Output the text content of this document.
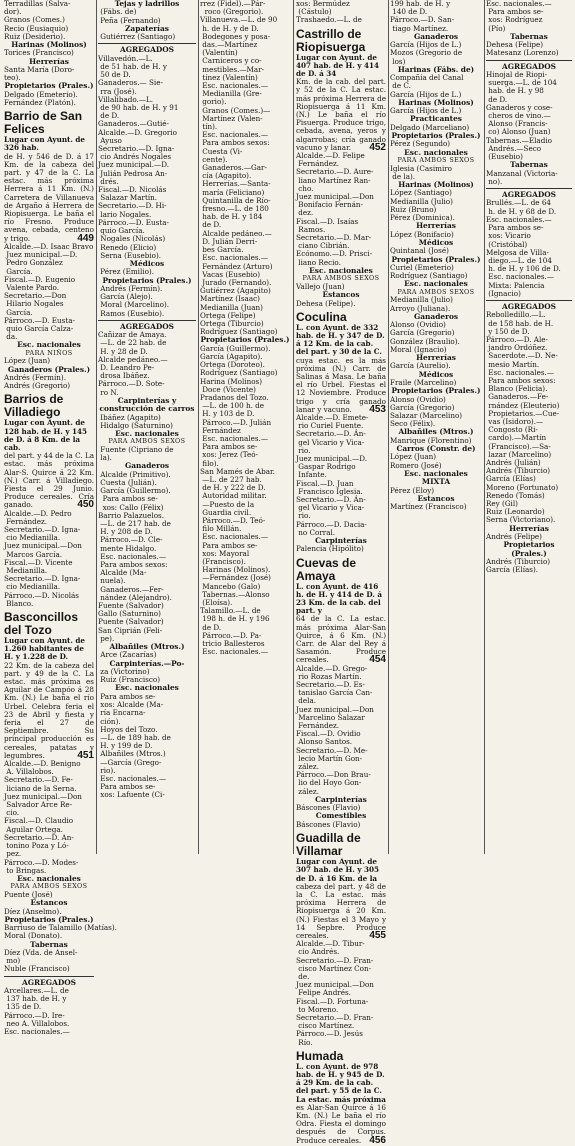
Terradillas (Salva-
dor).
Granos (Comes.)
Recio (Eusiaquio)
Ruiz (Desiderio).
Harinas (Molinos)
Torices (Francisco)
Herrerías
Santa María (Doro-
teo).
Propietarios (Prales.)
Delgado (Emeterio).
Fernández (Platón).
Barrio de San Felices
Lugar con Ayunt. de 326 hab.
de H. y 546 de D. á 17 Km. de la cabeza del part. y 47 de la C. La estac. más próxima Herrera á 11 Km. (N.) Carretera de Villanueva de Argaño á Herrera de Riopisuerga. Le baña el río Fresno. Produce avena, cebada, centeno y trigo.	449
Alcalde.—D. Isaac Bravo
Juez municipal.—D.
Pedro González
García.
Fiscal.—D. Eugenio
Valente Pardo.
Secretario.—Don
Hilario Nogales
García.
Párroco.—D. Eusta-
quio García Calza-
da.
Esc. nacionales
PARA NIÑOS
López (Juan)
Ganaderos (Prales.)
Andrés (Fermín).
Andrés (Gregorio)
Barrios de Villadiego
Lugar con Ayunt. de 128 hab. de H. y 145 de D. á 8 Km. de la cab.
del part. y 44 de la C. La estac. más próxima Alar-S. Quirce á 22 Km. (N.) Carr. á Villadiego. Fiesta el 29 Junio. Produce cereales. Cría ganado.	450
Alcalde.—D. Pedro
Fernández.
Secretario.—D. Igna-
cio Medianilla.
Juez municipal.—Don
Marcos García.
Fiscal.—D. Vicente
Medianilla.
Secretario.—D. Igna-
cio Medianilla.
Párroco.—D. Nicolás
Blanco.
Basconcillos del Tozo
Lugar con Ayunt. de 1.260 habitantes de H. y 1.228 de D.
22 Km. de la cabeza del part. y 49 de la C. La estac. más próxima es Aguilar de Campóo á 28 Km. (N.) Le baña el río Urbel. Celebra feria el 23 de Abril y fiesta y feria el 27 de Septiembre. Su principal producción es cereales, patatas y legumbres.	451
Alcalde.—D. Benigno
A. Villalobos.
Secretario.—D. Fe-
liciano de la Serna.
Juez municipal.—Don
Salvador Arce Re-
cio.
Fiscal.—D. Claudio
Aguilar Ortega.
Secretario.—D. An-
tonino Poza y Ló-
pez.
Párroco.—D. Modes-
to Bringas.
Esc. nacionales
PARA AMBOS SEXOS
Puente (José)
Estancos
Díez (Anselmo).
Propietarios (Prales.)
Barriuso de Talamillo (Matías).
Moral (Donato).
Tabernas
Díez (Vda. de Ansel-
mo)
Nuble (Francisco)
AGREGADOS
Arcellares.—L. de
137 hab. de H. y
135 de D.
Párroco.—D. Ire-
neo A. Villalobos.
Esc. nacionales.—
Tejas y ladrillos
(Fábs. de)
Peña (Fernando)
Zapaterías
Gutiérrez (Santiago)
AGREGADOS
Villavedón.—L.
de 51 hab. de H. y
50 de D.
Ganaderos.— Sie-
rra (José).
Villalibado.—L.
de 90 hab. de H. y 91
de D.
Ganaderos.—Gutié-
Alcalde.—D. Gregorio
Ayuso
Secretario.—D. Igna-
cio Andrés Nogales
Juez municipal.—D.
Julián Pedrosa An-
drés.
Fiscal.—D. Nicolás
Salazar Martín.
Secretario.—D. Hi-
lario Nogales.
Párroco.—D. Eusta-
quio García.
Nogales (Nicolás)
Renedo (Elicio)
Serna (Eusebio).
Médicos
Pérez (Emilio).
Propietarios (Prales.)
Andrés (Fermín).
García (Alejo).
Moral (Marcelino).
Ramos (Eusebio).
AGREGADOS
Cañizar de Amaya.
—L. de 22 hab. de
H. y 28 de D.
Alcalde pedáneo.—
D. Leandro Pe-
drosa Ibáñez.
Párroco.—D. Sote-
ro N.
Carpinterías y
construcción de carros
Ibáñez (Agapito)
Hidalgo (Saturnino)
Esc. nacionales
PARA AMBOS SEXOS
Fuente (Cipriano de
la).
Ganaderos
Alcalde (Primitivo).
Cuesta (Julián).
García (Guillermo).
Para ambos se-
xos: Callo (Félix)
Barrio Palazuelos.
—L. de 217 hab. de
H. y 208 de D.
Párroco.—D. Cle-
mente Hidalgo.
Esc. nacionales.—
Para ambos sexos:
Alcalde (Ma-
nuela).
Ganaderos.—Fer-
nández (Alejandro).
Fuente (Salvador)
Gallo (Saturnino)
Puente (Salvador)
San Ciprián (Feli-
pe).
Albañiles (Mtros.)
Arce (Zacarías)
Carpinterías.—Po-
za (Victorino)
Ruiz (Francisco)
Esc. nacionales
Para ambos se-
xos: Alcalde (Ma-
ría Encarna-
ción).
Hoyos del Tozo.
—L. de 189 hab. de
H. y 199 de D.
Albañiles (Mtros.)
—García (Grego-
rio).
Esc. nacionales.—
Para ambos se-
xos: Lafuente (Ci-
rrez (Fidel).—Pár-
roco (Gregorio).
Villanueva.—L. de 90
h. de H. y de D.
Bodegones y posa-
das.—Martínez
(Valentín)
Carniceros y co-
mestibles.—Mar-
tínez (Valentín)
Esc. nacionales.—
Medianilla (Gre-
gorio).
Granos (Comes.)—
Martínez (Valen-
tín).
Esc. nacionales.—
Para ambos sexos:
Cuesta (Vi-
cente).
Ganaderos.—Gar-
cía (Agapito).
Herrerías.—Santa-
maría (Feliciano)
Quintanilla de Río-
fresno.—L. de 180
hab. de H. y 184
de D.
Alcalde pedáneo.—
D. Julián Derri-
bes García.
Esc. nacionales.—
Fernández (Arturo)
Vacas (Eusebio)
Jurado (Fernando).
Gutiérrez (Agapito)
Martínez (Isaac)
Medianilla (Juan)
Ortega (Felipe)
Ortega (Tiburcio)
Rodríguez (Santiago)
Propietarios (Prales.)
García (Guillermo).
García (Agapito).
Ortega (Doroteo).
Rodríguez (Santiago)
Harina (Molinos)
Doce (Vicente)
Pradanos del Tozo.
—L. de 100 h. de
H. y 103 de D.
Párroco.—D. Julián
Fernández
Esc. nacionales.—
Para ambos se-
xos: Jerez (Teó-
filo).
San Mamés de Abar.
—L. de 227 hab.
de H. y 222 de D.
Autoridad militar.
—Puesto de la
Guardia civil.
Párroco.—D. Teó-
filo Millán.
Esc. nacionales.—
Para ambos se-
xos: Mayoral
(Francisco).
Harinas (Molinos).
—Fernández (José)
Mancebo (Galo)
Tabernas.—Alonso
(Eloísa).
Talamillo.—L. de
198 h. de H. y 196
de D.
Párroco.—D. Pa-
tricio Ballesteros
Esc. nacionales.—
xos: Bermúdez
(Cástulo)
Trashaedo.—L. de
Castrillo de Riopisuerga
Lugar con Ayunt. de 407 hab. de H. y 414 de D. á 34
Km. de la cab. del part. y 52 de la C. La estac. más próxima Herrera de Riopisuerga á 11 Km. (N.) Le baña el río Pisuerga. Produce trigo, cebada, avena, yeros y algarrobas; cría ganado vacuno y lanar. 452
Alcalde.—D. Felipe
Fernández.
Secretario.—D. Aure-
liano Martínez Ran-
cho.
Juez municipal.—Don
Bonifacio Fernán-
dez.
Fiscal.—D. Isaías
Ramos.
Secretario.—D. Mar-
ciano Cibrián.
Ecónomo.—D. Prisci-
liano Recio.
Esc. nacionales
PARA AMBOS SEXOS
Vallejo (Juan)
Estancos
Dehesa (Felipe).
Coculina
L. con Ayunt. de 332 hab. de H. y 347 de D. á 12 Km. de la cab. del part. y 30 de la C.
cuya estac. es la más próxima (N.) Carr. de Salinas á Masa. Le baña el río Urbel. Fiestas el 12 Noviembre. Produce trigo y cría ganado lanar y vacuno. 453
Alcalde.—D. Emete-
rio Curiel Fuente.
Secretario.—D. Án-
gel Vicario y Vica-
rio.
Juez municipal.—D.
Gaspar Rodrigo
Infante.
Fiscal.—D. Juan
Francisco Iglesia.
Secretario.—D. Án-
gel Vicario y Vica-
rio.
Párroco.—D. Dacia-
no Corral.
Carpinterías
Palencia (Hipólito)
Cuevas de Amaya
L. con Ayunt. de 416 h. de H. y 414 de D. á 23 Km. de la cab. del part. y
64 de la C. La estac. más próxima Alar-San Quirce, á 6 Km. (N.) Carr. de Alar del Rey á Sasamón. Produce cereales.	454
Alcalde.—D. Grego-
rio Rozas Martín.
Secretario.—D. Es-
tanislao García Can-
dela.
Juez municipal.—Don
Marcelino Salazar
Fernández.
Fiscal.—D. Ovidio
Alonso Santos.
Secretario.—D. Me-
lecio Martín Gon-
zález.
Párroco.—Don Brau-
lio del Hoyo Gon-
zález.
Carpinterías
Báscones (Flavio)
Comestibles
Báscones (Flavio)
Guadilla de Villamar
Lugar con Ayunt. de 307 hab. de H. y 305 de D. á 16 Km. de la
cabeza del part. y 48 de la C. La estac. más próxima Herrera de Riopisuerga á 20 Km. (N.) Fiestas el 3 Mayo y 14 Sepbre. Produce cereales.	455
Alcalde.—D. Tibur-
cio Andrés.
Secretario.—D. Fran-
cisco Martínez Con-
de.
Juez municipal.—Don
Felipe Andrés.
Fiscal.—D. Fortuna-
to Moreno.
Secretario.—D. Fran-
cisco Martínez.
Párroco.—D. Jesús
Río.
Humada
L. con Ayunt. de 978 hab. de H. y 945 de D. á 29 Km. de la cab. del part. y 55 de la C. La estac. más próxima
es Alar-San Quirce á 16 Km. (N.) Le baña el río Odra. Fiesta el domingo después de Corpus. Produce cereales. 456
199 hab. de H. y
140 de D.
Párroco.—D. San-
tiago Martínez.
Ganaderos
García (Hijos de L.)
Mozos (Gregorio de
los)
Harinas (Fábs. de)
Compañía del Canal
de C.
García (Hijos de L.)
Harinas (Molinos)
García (Hijos de L.)
Practicantes
Delgado (Marceliano)
Propietarios (Prales.)
Pérez (Segundo)
Esc. nacionales
PARA AMBOS SEXOS
Iglesia (Casimiro
de la).
Harinas (Molinos)
López (Santiago)
Medianilla (Julio)
Ruiz (Bruno)
Pérez (Dominica).
Herrerías
López (Bonifacio)
Médicos
Quintanal (José)
Propietarios (Prales.)
Curiel (Emeterio)
Rodríguez (Santiago)
Esc. nacionales
PARA AMBOS SEXOS
Medianilla (Julio)
Arroyo (Juliana).
Ganaderos
Alonso (Ovidio)
García (Gregorio)
González (Braulio).
Moral (Ignacio)
Herrerías
García (Aurelio).
Médicos
Fraile (Marcelino)
Propietarios (Prales.)
Alonso (Ovidio)
García (Gregorio)
Salazar (Marcelino)
Seco (Félix).
Albañiles (Mtros.)
Manrique (Florentino)
Carros (Constr. de)
López (Juan)
Romero (José)
Esc. nacionales
MIXTA
Pérez (Eloy)
Estancos
Martínez (Francisco)
Esc. nacionales.—
Para ambos se-
xos: Rodríguez
(Pío)
Tabernas
Dehesa (Felipe)
Matesanz (Lorenzo)
AGREGADOS
Hinojal de Riopi-
suerga.—L. de 104
hab. de H. y 98
de D.
Ganaderos y cose-
cheros de vino.—
Alonso (Francis-
co) Alonso (Juan)
Tabernas.—Eladio
Andrés.—Seco
(Eusebio)
Tabernas
Manzanal (Victoria-
no).
AGREGADOS
Brullés.—L. de 64
h. de H. y 68 de D.
Esc. nacionales.—
Para ambos se-
xos: Vicario
(Cristóbal)
Melgosa de Villa-
diego.—L. de 104
h. de H. y 106 de D.
Esc. nacionales.—
Mixta: Palencia
(Ignacio)
AGREGADOS
Rebolledillo.—L.
de 158 hab. de H.
y 150 de D.
Párroco.—D. Ale-
jandro Ordóñez.
Sacerdote.—D. Ne-
mesio Martín.
Esc. nacionales.—
Para ambos sexos:
Blanco (Felicia).
Ganaderos.—Fe-
rnández (Eleuterio)
Propietarios.—Cue-
vas (Isidoro).—
Congosto (Ri-
cardo).—Martín
(Francisco).—Sa-
lazar (Marcelino)
Andrés (Julián)
Andrés (Tiburcio)
García (Elías)
Moreno (Fortunato)
Renedo (Tomás)
Rey (Gil)
Ruiz (Leonardo)
Serna (Victoriano).
Herrerías
Andrés (Felipe)
Propietarios (Prales.)
Andrés (Tiburcio)
García (Elías).
